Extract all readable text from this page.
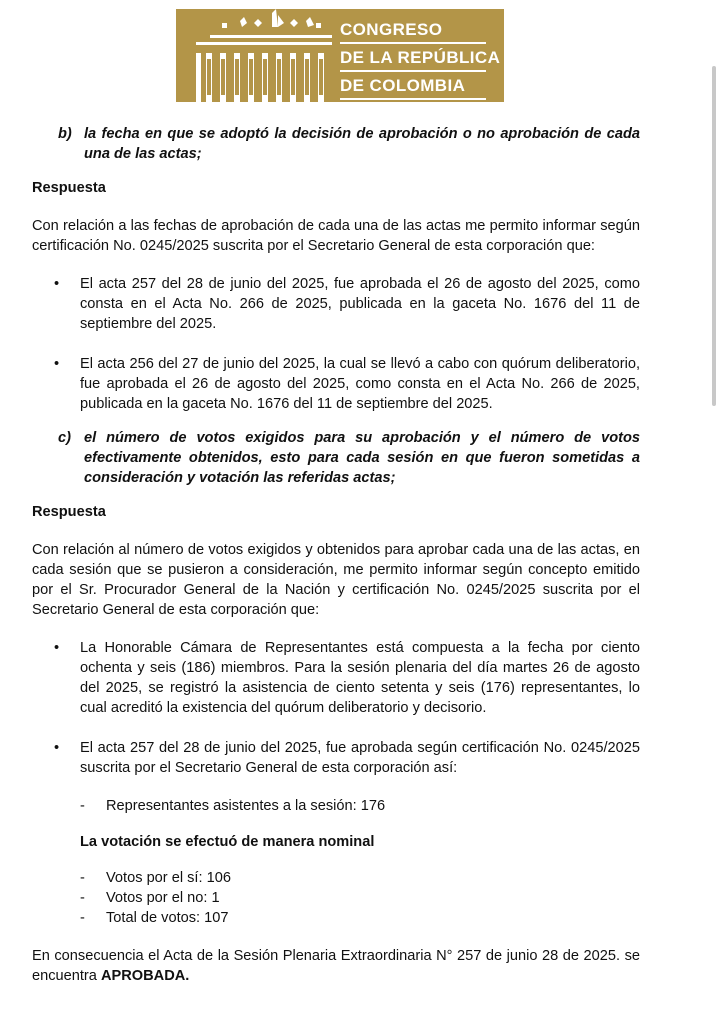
CONGRESO
DE LA REPÚBLICA
DE COLOMBIA
CÁMARA DE REPRESENTANTES
b) la fecha en que se adoptó la decisión de aprobación o no aprobación de cada una de las actas;
Respuesta

Con relación a las fechas de aprobación de cada una de las actas me permito informar según certificación No. 0245/2025 suscrita por el Secretario General de esta corporación que:

•	El acta 257 del 28 de junio del 2025, fue aprobada el 26 de agosto del 2025, como consta en el Acta No. 266 de 2025, publicada en la gaceta No. 1676 del 11 de septiembre del 2025.
•	El acta 256 del 27 de junio del 2025, la cual se llevó a cabo con quórum deliberatorio, fue aprobada el 26 de agosto del 2025, como consta en el Acta No. 266 de 2025, publicada en la gaceta No. 1676 del 11 de septiembre del 2025.
c) el número de votos exigidos para su aprobación y el número de votos efectivamente obtenidos, esto para cada sesión en que fueron sometidas a consideración y votación las referidas actas;
Respuesta

Con relación al número de votos exigidos y obtenidos para aprobar cada una de las actas, en cada sesión que se pusieron a consideración, me permito informar según concepto emitido por el Sr. Procurador General de la Nación y certificación No. 0245/2025 suscrita por el Secretario General de esta corporación que:

•	La Honorable Cámara de Representantes está compuesta a la fecha por ciento ochenta y seis (186) miembros. Para la sesión plenaria del día martes 26 de agosto del 2025, se registró la asistencia de ciento setenta y seis (176) representantes, lo cual acreditó la existencia del quórum deliberatorio y decisorio.
•	El acta 257 del 28 de junio del 2025, fue aprobada según certificación No. 0245/2025 suscrita por el Secretario General de esta corporación así:
-	Representantes asistentes a la sesión: 176
La votación se efectuó de manera nominal
-	Votos por el sí: 106
-	Votos por el no: 1
-	Total de votos: 107

En consecuencia el Acta de la Sesión Plenaria Extraordinaria N° 257 de junio 28 de 2025. se encuentra APROBADA.
